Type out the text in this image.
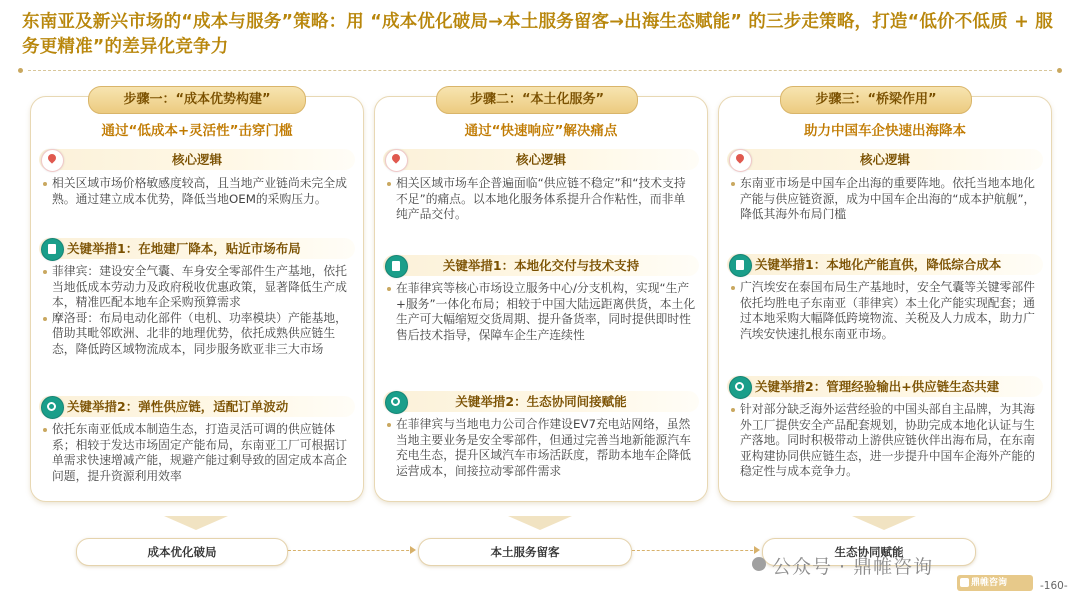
东南亚及新兴市场的“成本与服务”策略：用 “成本优化破局→本土服务留客→出海生态赋能” 的三步走策略，打造“低价不低质 + 服务更精准”的差异化竞争力
通过“低成本+灵活性”击穿门槛
核心逻辑

相关区域市场价格敏感度较高，且当地产业链尚未完全成熟。通过建立成本优势，降低当地OEM的采购压力。

关键举措1：在地建厂降本，贴近市场布局

菲律宾：建设安全气囊、车身安全零部件生产基地，依托当地低成本劳动力及政府税收优惠政策，显著降低生产成本，精准匹配本地车企采购预算需求

摩洛哥：布局电动化部件（电机、功率模块）产能基地，借助其毗邻欧洲、北非的地理优势，依托成熟供应链生态，降低跨区域物流成本，同步服务欧亚非三大市场

关键举措2：弹性供应链，适配订单波动

依托东南亚低成本制造生态，打造灵活可调的供应链体系；相较于发达市场固定产能布局，东南亚工厂可根据订单需求快速增减产能，规避产能过剩导致的固定成本高企问题，提升资源利用效率

步骤一：“成本优势构建”
通过“快速响应”解决痛点
核心逻辑

相关区域市场车企普遍面临“供应链不稳定”和“技术支持不足”的痛点。以本地化服务体系提升合作粘性，而非单纯产品交付。

关键举措1：本地化交付与技术支持

在菲律宾等核心市场设立服务中心/分支机构，实现“生产+服务”一体化布局；相较于中国大陆远距离供货，本土化生产可大幅缩短交货周期、提升备货率，同时提供即时性售后技术指导，保障车企生产连续性

关键举措2：生态协同间接赋能

在菲律宾与当地电力公司合作建设EV7充电站网络，虽然当地主要业务是安全零部件，但通过完善当地新能源汽车充电生态，提升区域汽车市场活跃度，帮助本地车企降低运营成本，间接拉动零部件需求

步骤二：“本土化服务”
助力中国车企快速出海降本
核心逻辑

东南亚市场是中国车企出海的重要阵地。依托当地本地化产能与供应链资源，成为中国车企出海的“成本护航舰”，降低其海外布局门槛

关键举措1：本地化产能直供，降低综合成本

广汽埃安在泰国布局生产基地时，安全气囊等关键零部件依托均胜电子东南亚（菲律宾）本土化产能实现配套；通过本地采购大幅降低跨境物流、关税及人力成本，助力广汽埃安快速扎根东南亚市场。

关键举措2：管理经验输出+供应链生态共建

针对部分缺乏海外运营经验的中国头部自主品牌，为其海外工厂提供安全产品配套规划，协助完成本地化认证与生产落地。同时积极带动上游供应链伙伴出海布局，在东南亚构建协同供应链生态，进一步提升中国车企海外产能的稳定性与成本竞争力。

步骤三：“桥梁作用”
成本优化破局	本土服务留客	生态协同赋能
公众号 · 鼎帷咨询
鼎帷咨询	-160-
